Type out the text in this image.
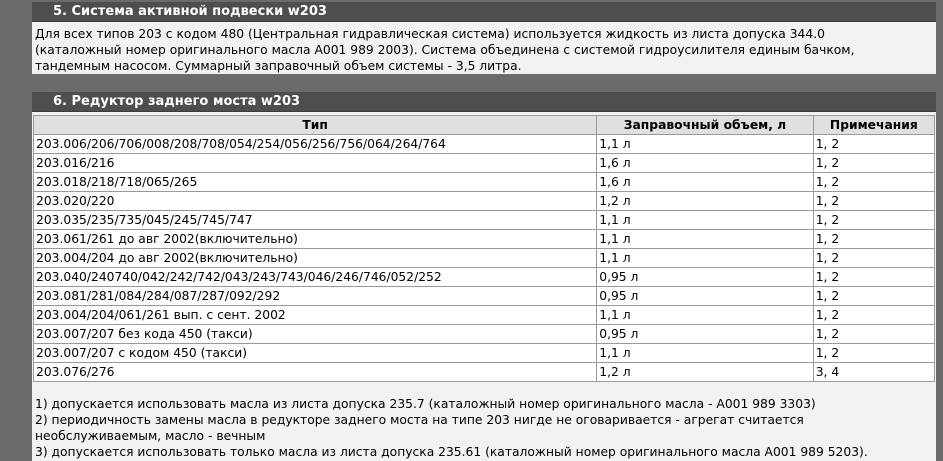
5. Система активной подвески w203
Для всех типов 203 с кодом 480 (Центральная гидравлическая система) используется жидкость из листа допуска 344.0
(каталожный номер оригинального масла A001 989 2003). Система объединена с системой гидроусилителя единым бачком,
тандемным насосом. Суммарный заправочный объем системы - 3,5 литра.
6. Редуктор заднего моста w203
Тип	Заправочный объем, л	Примечания
203.006/206/706/008/208/708/054/254/056/256/756/064/264/764	1,1 л	1, 2
203.016/216	1,6 л	1, 2
203.018/218/718/065/265	1,6 л	1, 2
203.020/220	1,2 л	1, 2
203.035/235/735/045/245/745/747	1,1 л	1, 2
203.061/261 до авг 2002(включительно)	1,1 л	1, 2
203.004/204 до авг 2002(включительно)	1,1 л	1, 2
203.040/240740/042/242/742/043/243/743/046/246/746/052/252	0,95 л	1, 2
203.081/281/084/284/087/287/092/292	0,95 л	1, 2
203.004/204/061/261 вып. с сент. 2002	1,1 л	1, 2
203.007/207 без кода 450 (такси)	0,95 л	1, 2
203.007/207 с кодом 450 (такси)	1,1 л	1, 2
203.076/276	1,2 л	3, 4
1) допускается использовать масла из листа допуска 235.7 (каталожный номер оригинального масла - A001 989 3303)
2) периодичность замены масла в редукторе заднего моста на типе 203 нигде не оговаривается - агрегат считается
необслуживаемым, масло - вечным
3) допускается использовать только масла из листа допуска 235.61 (каталожный номер оригинального масла A001 989 5203).
